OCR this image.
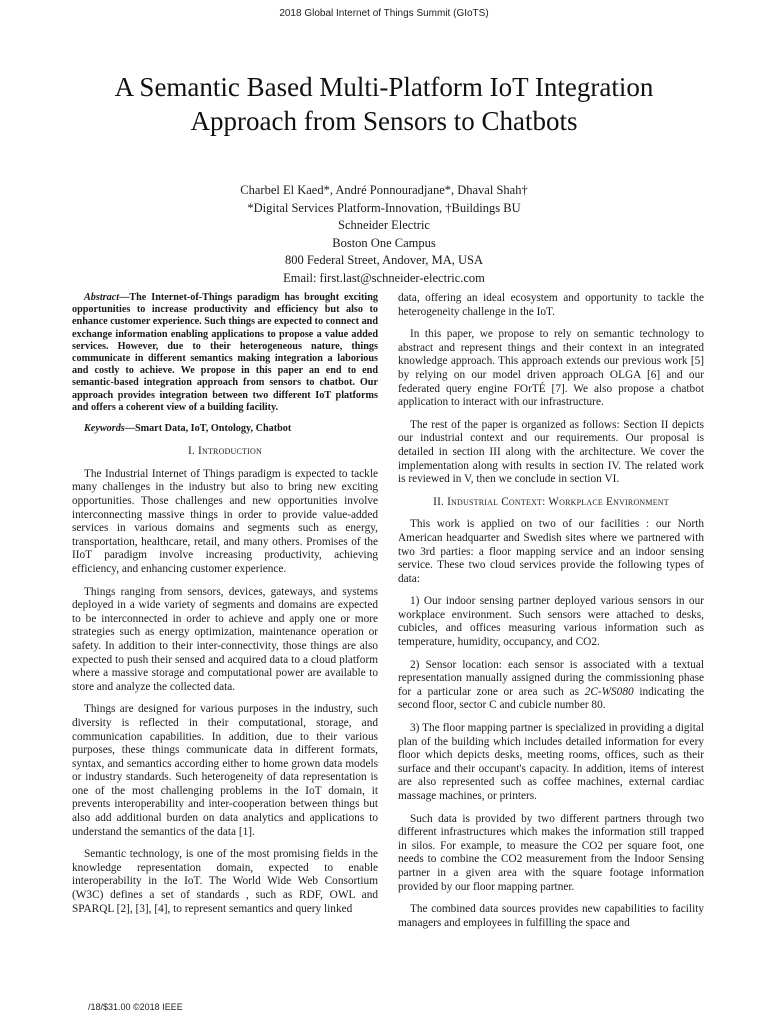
2018 Global Internet of Things Summit (GIoTS)
A Semantic Based Multi-Platform IoT Integration
Approach from Sensors to Chatbots
Charbel El Kaed*, André Ponnouradjane*, Dhaval Shah†
*Digital Services Platform-Innovation, †Buildings BU
Schneider Electric
Boston One Campus
800 Federal Street, Andover, MA, USA
Email: first.last@schneider-electric.com

Abstract—The Internet-of-Things paradigm has brought exciting opportunities to increase productivity and efficiency but also to enhance customer experience. Such things are expected to connect and exchange information enabling applications to propose a value added services. However, due to their heterogeneous nature, things communicate in different semantics making integration a laborious and costly to achieve. We propose in this paper an end to end semantic-based integration approach from sensors to chatbot. Our approach provides integration between two different IoT platforms and offers a coherent view of a building facility.

Keywords—Smart Data, IoT, Ontology, Chatbot

I. Introduction

The Industrial Internet of Things paradigm is expected to tackle many challenges in the industry but also to bring new exciting opportunities. Those challenges and new opportunities involve interconnecting massive things in order to provide value-added services in various domains and segments such as energy, transportation, healthcare, retail, and many others. Promises of the IIoT paradigm involve increasing productivity, achieving efficiency, and enhancing customer experience.

Things ranging from sensors, devices, gateways, and systems deployed in a wide variety of segments and domains are expected to be interconnected in order to achieve and apply one or more strategies such as energy optimization, maintenance operation or safety. In addition to their inter-connectivity, those things are also expected to push their sensed and acquired data to a cloud platform where a massive storage and computational power are available to store and analyze the collected data.

Things are designed for various purposes in the industry, such diversity is reflected in their computational, storage, and communication capabilities. In addition, due to their various purposes, these things communicate data in different formats, syntax, and semantics according either to home grown data models or industry standards. Such heterogeneity of data representation is one of the most challenging problems in the IoT domain, it prevents interoperability and inter-cooperation between things but also add additional burden on data analytics and applications to understand the semantics of the data [1].

Semantic technology, is one of the most promising fields in the knowledge representation domain, expected to enable interoperability in the IoT. The World Wide Web Consortium (W3C) defines a set of standards , such as RDF, OWL and SPARQL [2], [3], [4], to represent semantics and query linked

data, offering an ideal ecosystem and opportunity to tackle the heterogeneity challenge in the IoT.

In this paper, we propose to rely on semantic technology to abstract and represent things and their context in an integrated knowledge approach. This approach extends our previous work [5] by relying on our model driven approach OLGA [6] and our federated query engine FOrTÉ [7]. We also propose a chatbot application to interact with our infrastructure.

The rest of the paper is organized as follows: Section II depicts our industrial context and our requirements. Our proposal is detailed in section III along with the architecture. We cover the implementation along with results in section IV. The related work is reviewed in V, then we conclude in section VI.

II. Industrial Context: Workplace Environment

This work is applied on two of our facilities : our North American headquarter and Swedish sites where we partnered with two 3rd parties: a floor mapping service and an indoor sensing service. These two cloud services provide the following types of data:

1) Our indoor sensing partner deployed various sensors in our workplace environment. Such sensors were attached to desks, cubicles, and offices measuring various information such as temperature, humidity, occupancy, and CO2.

2) Sensor location: each sensor is associated with a textual representation manually assigned during the commissioning phase for a particular zone or area such as 2C-WS080 indicating the second floor, sector C and cubicle number 80.

3) The floor mapping partner is specialized in providing a digital plan of the building which includes detailed information for every floor which depicts desks, meeting rooms, offices, such as their surface and their occupant's capacity. In addition, items of interest are also represented such as coffee machines, external cardiac massage machines, or printers.

Such data is provided by two different partners through two different infrastructures which makes the information still trapped in silos. For example, to measure the CO2 per square foot, one needs to combine the CO2 measurement from the Indoor Sensing partner in a given area with the square footage information provided by our floor mapping partner.

The combined data sources provides new capabilities to facility managers and employees in fulfilling the space and

/18/$31.00 ©2018 IEEE
